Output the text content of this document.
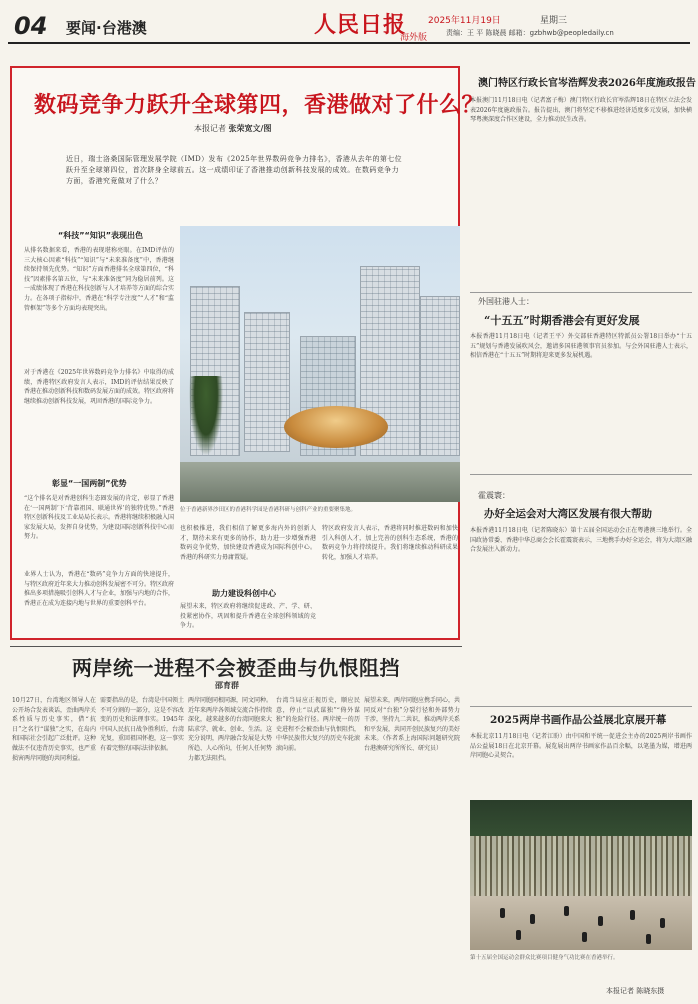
04 要闻·台港澳	人民日报
海外版
2025年11月19日	星期三
责编：王 平 陈晓晨 邮箱：gzbhwb@peopledaily.cn
数码竞争力跃升全球第四，香港做对了什么？
本报记者 张荣宽文/图
近日，瑞士洛桑国际管理发展学院（IMD）发布《2025年世界数码竞争力排名》，香港从去年的第七位跃升至全球第四位，首次跻身全球前五。这一成绩印证了香港推动创新科技发展的成效。在数码竞争力方面，香港究竟做对了什么？
“科技”“知识”表现出色
从排名数据来看，香港的表现堪称亮眼。在IMD评估的三大核心因素“科技”“知识”与“未来准备度”中，香港继续保持领先优势。“知识”方面香港排名全球第四位，“科技”因素排名第五位，与“未来准备度”同为稳居前列。这一成绩体现了香港在科技创新与人才培养等方面的综合实力。在各项子指标中，香港在“科学专注度”“人才”和“监管框架”等多个方面均表现突出。
对于香港在《2025年世界数码竞争力排名》中取得的成绩，香港特区政府发言人表示，IMD的评估结果反映了香港在推动创新科技和数码发展方面的成效。特区政府将继续推动创新科技发展，巩固香港的国际竞争力。
彰显“一国两制”优势
“这个排名是对香港创科生态圈发展的肯定，彰显了香港在‘一国两制’下‘背靠祖国、联通世界’的独特优势。”香港特区创新科技及工业局局长表示。香港将继续积极融入国家发展大局，发挥自身优势，为建设国际创新科技中心而努力。
业界人士认为，香港在“数码”竞争力方面的快速提升，与特区政府近年来大力推动创科发展密不可分。特区政府推出多项措施吸引创科人才与企业，加强与内地的合作，香港正在成为连接内地与世界的重要创科平台。
位于香港新界沙田区的香港科学园是香港科研与创科产业的重要聚集地。
也积极推进，我们相信了解更多海内外的创新人才，期待未来有更多的协作，助力进一步增强香港数码竞争优势，加快建设香港成为国际科创中心。香港的科研实力毋庸置疑。
特区政府发言人表示，香港将同时推进数码和加快引入科创人才，加上完善的创科生态系统，香港的数码竞争力将持续提升。我们将继续推动科研成果转化，加强人才培养。
助力建设科创中心
展望未来，特区政府将继续促进政、产、学、研、投紧密协作，巩固和提升香港在全球创科领域的竞争力。
澳门特区行政长官岑浩辉发表2026年度施政报告
本报澳门11月18日电（记者富子梅）澳门特区行政长官岑浩辉18日在特区立法会发表2026年度施政报告。报告提出，澳门将坚定不移推进经济适度多元发展，加快横琴粤澳深度合作区建设，全力推动民生改善。
外国驻港人士：
“十五五”时期香港会有更好发展
本报香港11月18日电（记者王平）外交部驻香港特区特派员公署18日举办“十五五”规划与香港发展吹风会，邀请多国驻港领事官员参加。与会外国驻港人士表示，相信香港在“十五五”时期将迎来更多发展机遇。
霍震寰：
办好全运会对大湾区发展有很大帮助
本报香港11月18日电（记者陈晓东）第十五届全国运动会正在粤港澳三地举行。全国政协常委、香港中华总商会会长霍震寰表示，三地携手办好全运会，将为大湾区融合发展注入新动力。
2025两岸书画作品公益展北京展开幕
本报北京11月18日电（记者江盼）由中国和平统一促进会主办的2025两岸书画作品公益展18日在北京开幕。展览展出两岸书画家作品百余幅，以笔墨为媒，增进两岸同胞心灵契合。
第十五届全国运动会群众比赛项目健身气功比赛在香港举行。
本报记者 陈晓东摄
两岸统一进程不会被歪曲与仇恨阻挡
邵育群
10月27日，台湾地区领导人在公开场合发表谈话，歪曲两岸关系性质与历史事实，借“抗日”之名行“谋独”之实，在岛内和国际社会引起广泛批评。这种做法不仅违背历史事实，也严重损害两岸同胞的共同利益。
需要指出的是，台湾是中国领土不可分割的一部分，这是不容改变的历史和法理事实。1945年中国人民抗日战争胜利后，台湾光复，重回祖国怀抱，这一事实有着完整的国际法律依据。
两岸同胞同根同源，同文同种。近年来两岸各领域交流合作持续深化，越来越多的台湾同胞来大陆求学、就业、创业、生活。这充分说明，两岸融合发展是大势所趋、人心所向，任何人任何势力都无法阻挡。
台湾当局应正视历史，顺应民意，停止“以武谋独”“倚外谋独”的危险行径。两岸统一的历史进程不会被歪曲与仇恨阻挡，中华民族伟大复兴的历史车轮滚滚向前。
展望未来，两岸同胞应携手同心，共同反对“台独”分裂行径和外部势力干涉，坚持九二共识，推动两岸关系和平发展，共同开创民族复兴的美好未来。（作者系上海国际问题研究院台港澳研究所所长、研究员）
